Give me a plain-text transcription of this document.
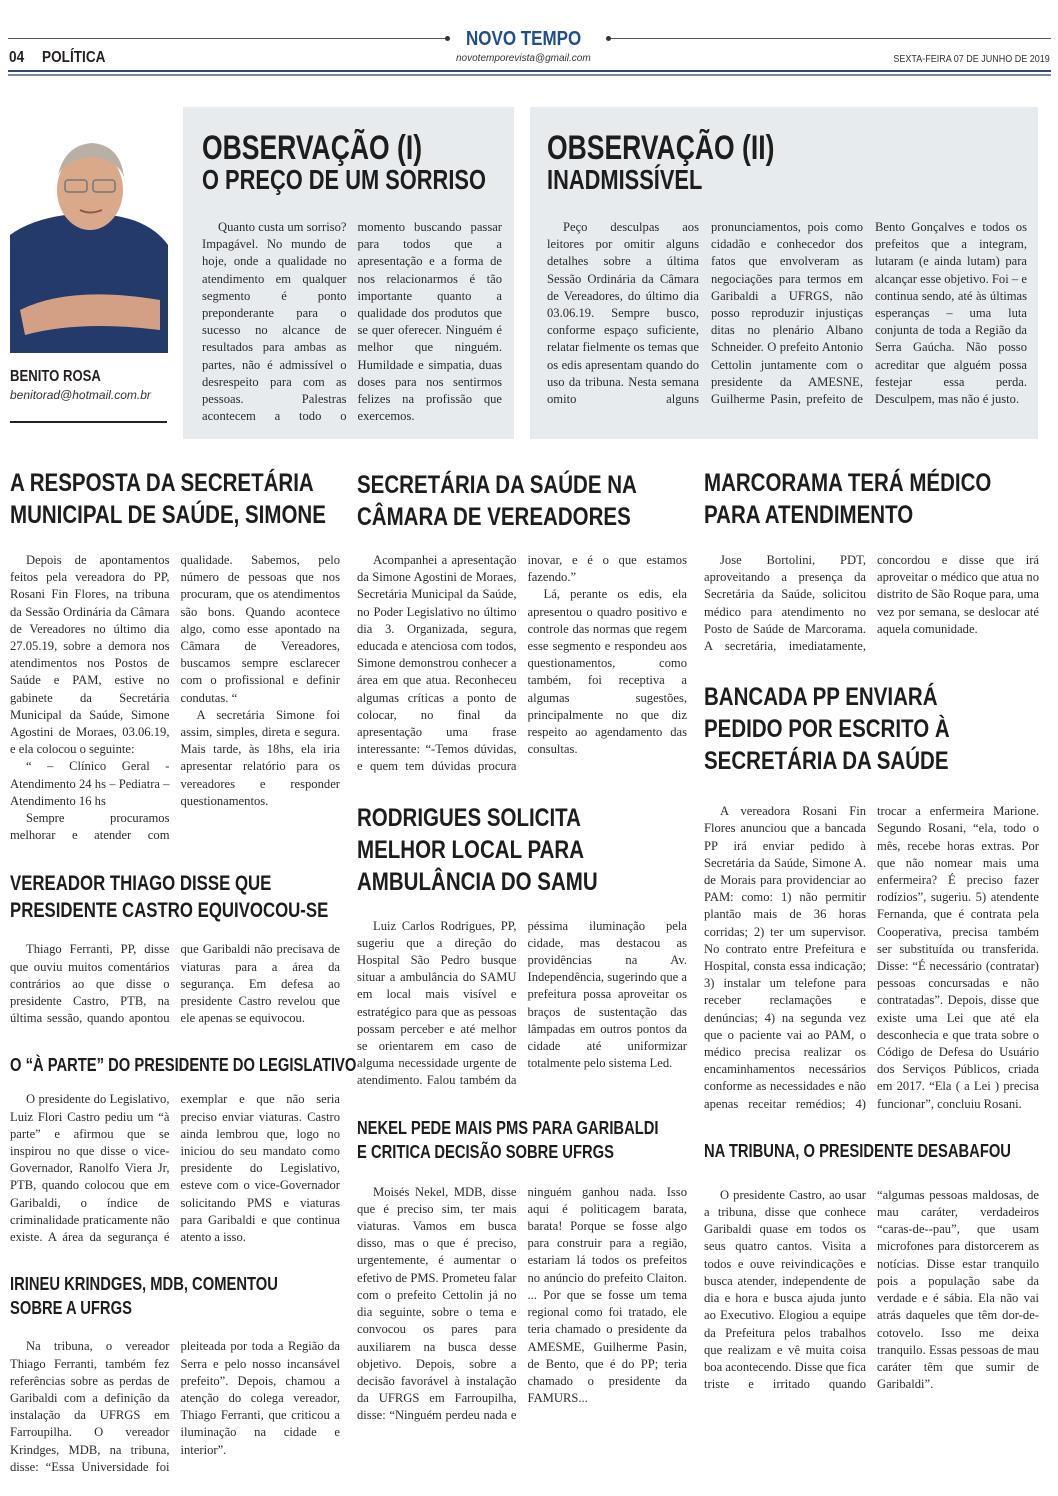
NOVO TEMPO
04 POLÍTICA	novotemporevista@gmail.com	SEXTA-FEIRA 07 DE JUNHO DE 2019
BENITO ROSA
benitorad@hotmail.com.br
OBSERVAÇÃO (I)
O PREÇO DE UM SORRISO

Quanto custa um sorriso? Impagável. No mundo de hoje, onde a qualidade no atendimento em qualquer segmento é ponto preponderante para o sucesso no alcance de resultados para ambas as partes, não é admissível o desrespeito para com as pessoas. Palestras acontecem a todo o momento buscando passar para todos que a apresentação e a forma de nos relacionarmos é tão importante quanto a qualidade dos produtos que se quer oferecer. Ninguém é melhor que ninguém. Humildade e simpatia, duas doses para nos sentirmos felizes na profissão que exercemos.

OBSERVAÇÃO (II)
INADMISSÍVEL

Peço desculpas aos leitores por omitir alguns detalhes sobre a última Sessão Ordinária da Câmara de Vereadores, do último dia 03.06.19. Sempre busco, conforme espaço suficiente, relatar fielmente os temas que os edis apresentam quando do uso da tribuna. Nesta semana omito alguns pronunciamentos, pois como cidadão e conhecedor dos fatos que envolveram as negociações para termos em Garibaldi a UFRGS, não posso reproduzir injustiças ditas no plenário Albano Schneider. O prefeito Antonio Cettolin juntamente com o presidente da AMESNE, Guilherme Pasin, prefeito de Bento Gonçalves e todos os prefeitos que a integram, lutaram (e ainda lutam) para alcançar esse objetivo. Foi – e continua sendo, até às últimas esperanças – uma luta conjunta de toda a Região da Serra Gaúcha. Não posso acreditar que alguém possa festejar essa perda. Desculpem, mas não é justo.

A RESPOSTA DA SECRETÁRIA
MUNICIPAL DE SAÚDE, SIMONE

Depois de apontamentos feitos pela vereadora do PP, Rosani Fin Flores, na tribuna da Sessão Ordinária da Câmara de Vereadores no último dia 27.05.19, sobre a demora nos atendimentos nos Postos de Saúde e PAM, estive no gabinete da Secretária Municipal da Saúde, Simone Agostini de Moraes, 03.06.19, e ela colocou o seguinte:

“ – Clínico Geral - Atendimento 24 hs – Pediatra – Atendimento 16 hs

Sempre procuramos melhorar e atender com qualidade. Sabemos, pelo número de pessoas que nos procuram, que os atendimentos são bons. Quando acontece algo, como esse apontado na Câmara de Vereadores, buscamos sempre esclarecer com o profissional e definir condutas. “

A secretária Simone foi assim, simples, direta e segura. Mais tarde, às 18hs, ela iria apresentar relatório para os vereadores e responder questionamentos.

VEREADOR THIAGO DISSE QUE
PRESIDENTE CASTRO EQUIVOCOU-SE

Thiago Ferranti, PP, disse que ouviu muitos comentários contrários ao que disse o presidente Castro, PTB, na última sessão, quando apontou que Garibaldi não precisava de viaturas para a área da segurança. Em defesa ao presidente Castro revelou que ele apenas se equivocou.

O “À PARTE” DO PRESIDENTE DO LEGISLATIVO

O presidente do Legislativo, Luiz Flori Castro pediu um “à parte” e afirmou que se inspirou no que disse o vice-Governador, Ranolfo Viera Jr, PTB, quando colocou que em Garibaldi, o índice de criminalidade praticamente não existe. A área da segurança é exemplar e que não seria preciso enviar viaturas. Castro ainda lembrou que, logo no iniciou do seu mandato como presidente do Legislativo, esteve com o vice-Governador solicitando PMS e viaturas para Garibaldi e que continua atento a isso.

IRINEU KRINDGES, MDB, COMENTOU
SOBRE A UFRGS

Na tribuna, o vereador Thiago Ferranti, também fez referências sobre as perdas de Garibaldi com a definição da instalação da UFRGS em Farroupilha. O vereador Krindges, MDB, na tribuna, disse: “Essa Universidade foi pleiteada por toda a Região da Serra e pelo nosso incansável prefeito”. Depois, chamou a atenção do colega vereador, Thiago Ferranti, que criticou a iluminação na cidade e interior”.

SECRETÁRIA DA SAÚDE NA
CÂMARA DE VEREADORES

Acompanhei a apresentação da Simone Agostini de Moraes, Secretária Municipal da Saúde, no Poder Legislativo no último dia 3. Organizada, segura, educada e atenciosa com todos, Simone demonstrou conhecer a área em que atua. Reconheceu algumas críticas a ponto de colocar, no final da apresentação uma frase interessante: “-Temos dúvidas, e quem tem dúvidas procura inovar, e é o que estamos fazendo.”

Lá, perante os edis, ela apresentou o quadro positivo e controle das normas que regem esse segmento e respondeu aos questionamentos, como também, foi receptiva a algumas sugestões, principalmente no que diz respeito ao agendamento das consultas.

RODRIGUES SOLICITA
MELHOR LOCAL PARA
AMBULÂNCIA DO SAMU

Luiz Carlos Rodrigues, PP, sugeriu que a direção do Hospital São Pedro busque situar a ambulância do SAMU em local mais visível e estratégico para que as pessoas possam perceber e até melhor se orientarem em caso de alguma necessidade urgente de atendimento. Falou também da péssima iluminação pela cidade, mas destacou as providências na Av. Independência, sugerindo que a prefeitura possa aproveitar os braços de sustentação das lâmpadas em outros pontos da cidade até uniformizar totalmente pelo sistema Led.

NEKEL PEDE MAIS PMS PARA GARIBALDI
E CRITICA DECISÃO SOBRE UFRGS

Moisés Nekel, MDB, disse que é preciso sim, ter mais viaturas. Vamos em busca disso, mas o que é preciso, urgentemente, é aumentar o efetivo de PMS. Prometeu falar com o prefeito Cettolin já no dia seguinte, sobre o tema e convocou os pares para auxiliarem na busca desse objetivo. Depois, sobre a decisão favorável à instalação da UFRGS em Farroupilha, disse: “Ninguém perdeu nada e ninguém ganhou nada. Isso aqui é politicagem barata, barata! Porque se fosse algo para construir para a região, estariam lá todos os prefeitos no anúncio do prefeito Claiton. ... Por que se fosse um tema regional como foi tratado, ele teria chamado o presidente da AMESME, Guilherme Pasin, de Bento, que é do PP; teria chamado o presidente da FAMURS...

MARCORAMA TERÁ MÉDICO
PARA ATENDIMENTO

Jose Bortolini, PDT, aproveitando a presença da Secretária da Saúde, solicitou médico para atendimento no Posto de Saúde de Marcorama. A secretária, imediatamente, concordou e disse que irá aproveitar o médico que atua no distrito de São Roque para, uma vez por semana, se deslocar até aquela comunidade.

BANCADA PP ENVIARÁ
PEDIDO POR ESCRITO À
SECRETÁRIA DA SAÚDE

A vereadora Rosani Fin Flores anunciou que a bancada PP irá enviar pedido à Secretária da Saúde, Simone A. de Morais para providenciar ao PAM: como: 1) não permitir plantão mais de 36 horas corridas; 2) ter um supervisor. No contrato entre Prefeitura e Hospital, consta essa indicação; 3) instalar um telefone para receber reclamações e denúncias; 4) na segunda vez que o paciente vai ao PAM, o médico precisa realizar os encaminhamentos necessários conforme as necessidades e não apenas receitar remédios; 4) trocar a enfermeira Marione. Segundo Rosani, “ela, todo o mês, recebe horas extras. Por que não nomear mais uma enfermeira? É preciso fazer rodízios”, sugeriu. 5) atendente Fernanda, que é contrata pela Cooperativa, precisa também ser substituída ou transferida. Disse: “É necessário (contratar) pessoas concursadas e não contratadas”. Depois, disse que existe uma Lei que até ela desconhecia e que trata sobre o Código de Defesa do Usuário dos Serviços Públicos, criada em 2017. “Ela ( a Lei ) precisa funcionar”, concluiu Rosani.

NA TRIBUNA, O PRESIDENTE DESABAFOU

O presidente Castro, ao usar a tribuna, disse que conhece Garibaldi quase em todos os seus quatro cantos. Visita a todos e ouve reivindicações e busca atender, independente de dia e hora e busca ajuda junto ao Executivo. Elogiou a equipe da Prefeitura pelos trabalhos que realizam e vê muita coisa boa acontecendo. Disse que fica triste e irritado quando “algumas pessoas maldosas, de mau caráter, verdadeiros “caras-de--pau”, que usam microfones para distorcerem as notícias. Disse estar tranquilo pois a população sabe da verdade e é sábia. Ela não vai atrás daqueles que têm dor-de-cotovelo. Isso me deixa tranquilo. Essas pessoas de mau caráter têm que sumir de Garibaldi”.
